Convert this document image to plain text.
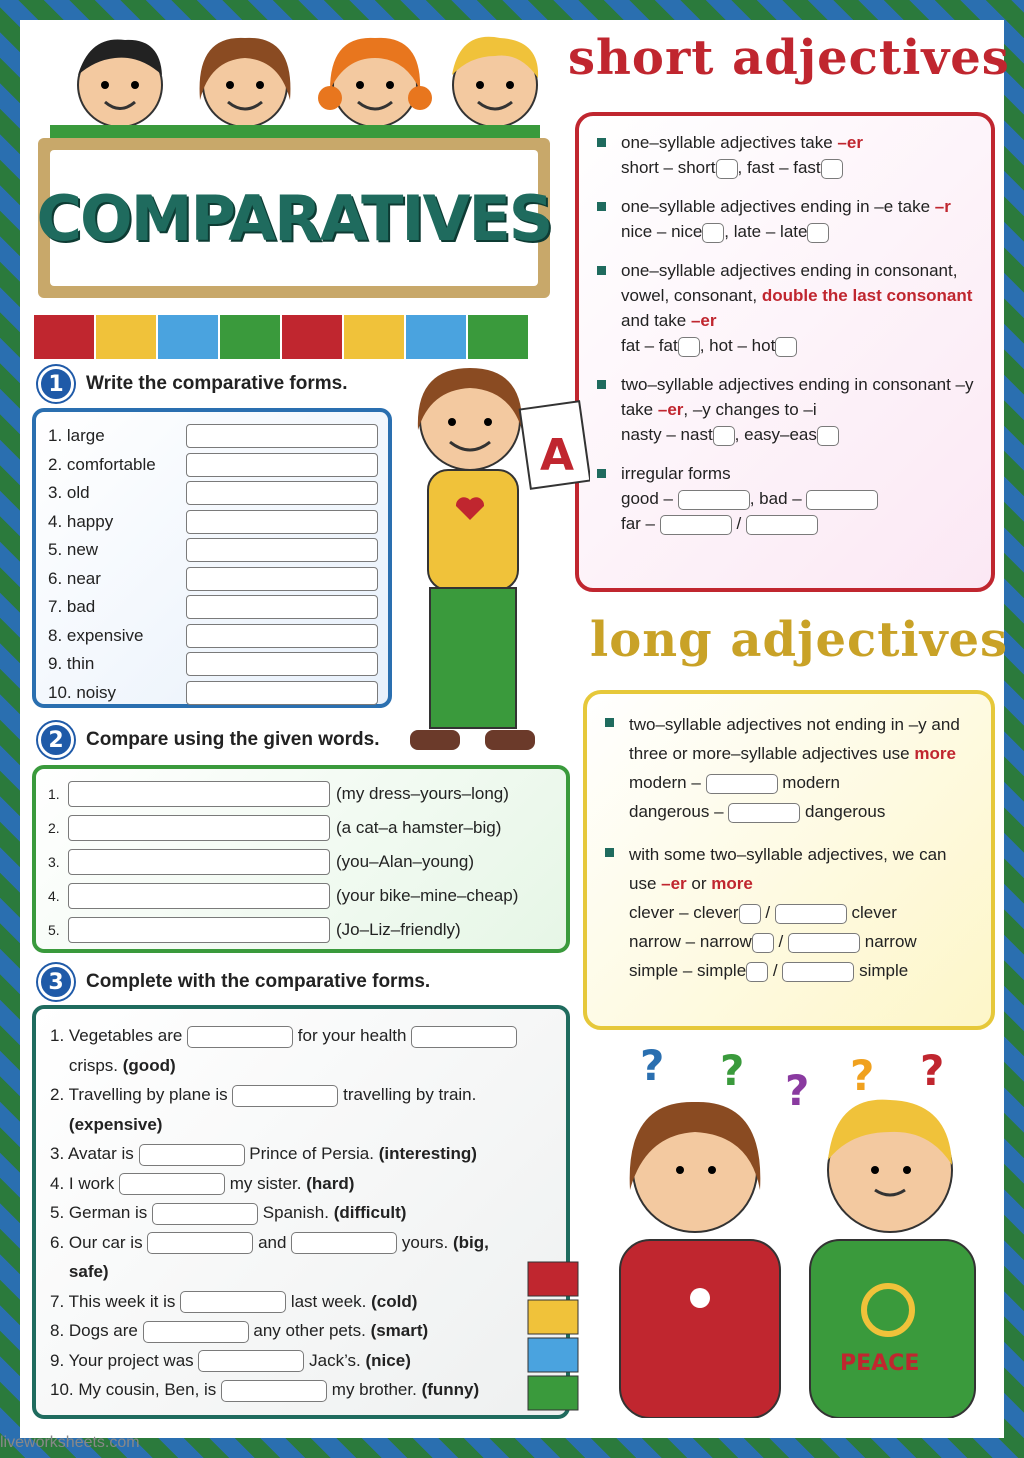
COMPARATIVES
short adjectives
one–syllable adjectives take –er
short – short , fast – fast
one–syllable adjectives ending in –e take –r
nice – nice , late – late
one–syllable adjectives ending in consonant, vowel, consonant, double the last consonant and take –er
fat – fat , hot – hot
two–syllable adjectives ending in consonant –y take –er, –y changes to –i
nasty – nast , easy–eas
irregular forms
good –	, bad –
far –	/
long adjectives
two–syllable adjectives not ending in –y and three or more–syllable adjectives use more
modern –	modern
dangerous –	dangerous
with some two–syllable adjectives, we can use –er or more
clever – clever /	clever
narrow – narrow /	narrow
simple – simple /	simple
1	Write the comparative forms.
1. large
2. comfortable
3. old
4. happy
5. new
6. near
7. bad
8. expensive
9. thin
10. noisy
A
2	Compare using the given words.
1.	(my dress–yours–long)
2.	(a cat–a hamster–big)
3.	(you–Alan–young)
4.	(your bike–mine–cheap)
5.	(Jo–Liz–friendly)
3	Complete with the comparative forms.
1. Vegetables are	for your health
crisps. (good)
2. Travelling by plane is	travelling by train.
(expensive)
3. Avatar is	Prince of Persia. (interesting)
4. I work	my sister. (hard)
5. German is	Spanish. (difficult)
6. Our car is	and	yours. (big,
safe)
7. This week it is	last week. (cold)
8. Dogs are	any other pets. (smart)
9. Your project was	Jack’s. (nice)
10. My cousin, Ben, is	my brother. (funny)
? ? ? ? ?
PEACE
liveworksheets.com
